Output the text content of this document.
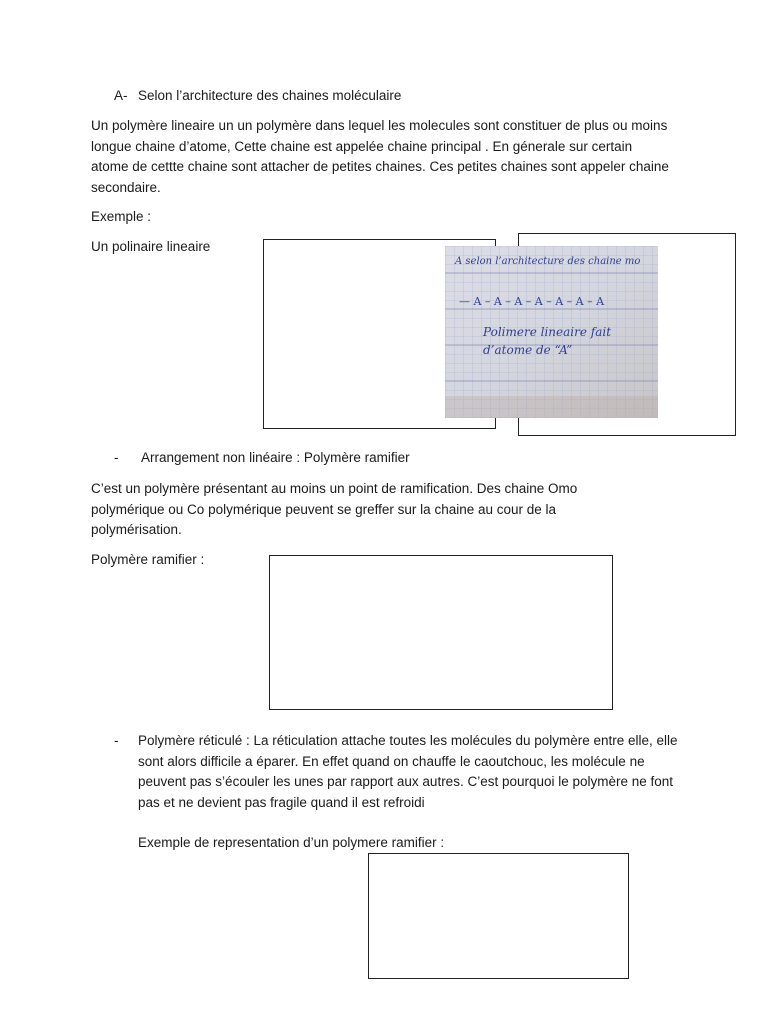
A- Selon l’architecture des chaines moléculaire
Un polymère lineaire un un polymère dans lequel les molecules sont constituer de plus ou moins longue chaine d’atome, Cette chaine est appelée chaine principal . En génerale sur certain atome de cettte chaine sont attacher de petites chaines. Ces petites chaines sont appeler chaine secondaire.
Exemple :
Un polinaire lineaire
A selon l’architecture des chaine mo
— A – A – A – A – A – A – A
Polimere lineaire fait
d’atome de “A”
- Arrangement non linéaire : Polymère ramifier
C’est un polymère présentant au moins un point de ramification. Des chaine Omo polymérique ou Co polymérique peuvent se greffer sur la chaine au cour de la polymérisation.
Polymère ramifier :
- Polymère réticulé : La réticulation attache toutes les molécules du polymère entre elle, elle sont alors difficile a éparer. En effet quand on chauffe le caoutchouc, les molécule ne peuvent pas s’écouler les unes par rapport aux autres. C’est pourquoi le polymère ne font pas et ne devient pas fragile quand il est refroidi
Exemple de representation d’un polymere ramifier :
